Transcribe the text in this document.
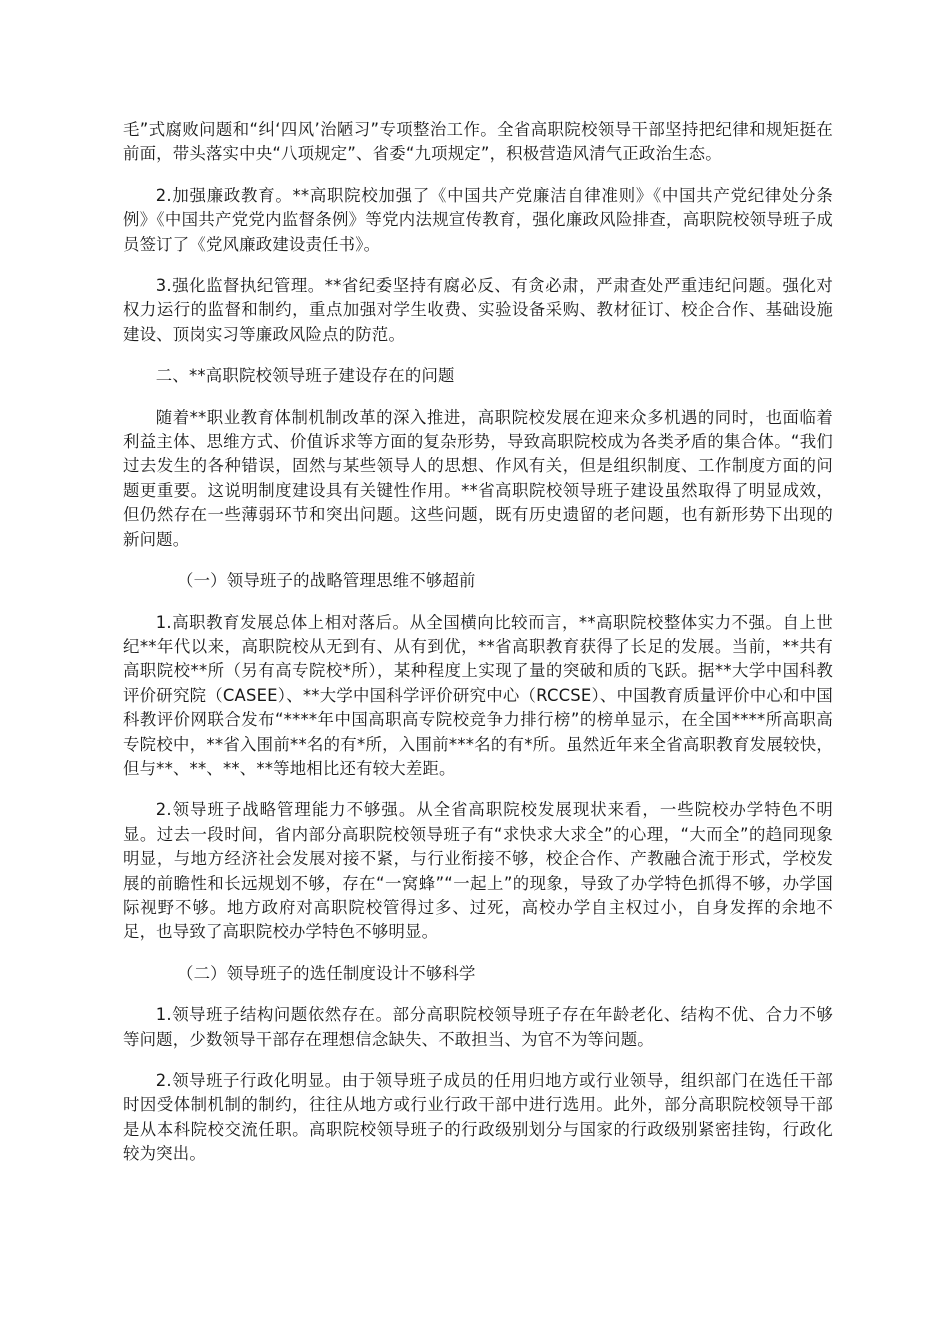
毛”式腐败问题和“纠‘四风’治陋习”专项整治工作。全省高职院校领导干部坚持把纪律和规矩挺在前面，带头落实中央“八项规定”、省委“九项规定”，积极营造风清气正政治生态。

2.加强廉政教育。**高职院校加强了《中国共产党廉洁自律准则》《中国共产党纪律处分条例》《中国共产党党内监督条例》等党内法规宣传教育，强化廉政风险排查，高职院校领导班子成员签订了《党风廉政建设责任书》。

3.强化监督执纪管理。**省纪委坚持有腐必反、有贪必肃，严肃查处严重违纪问题。强化对权力运行的监督和制约，重点加强对学生收费、实验设备采购、教材征订、校企合作、基础设施建设、顶岗实习等廉政风险点的防范。

二、**高职院校领导班子建设存在的问题

随着**职业教育体制机制改革的深入推进，高职院校发展在迎来众多机遇的同时，也面临着利益主体、思维方式、价值诉求等方面的复杂形势，导致高职院校成为各类矛盾的集合体。“我们过去发生的各种错误，固然与某些领导人的思想、作风有关，但是组织制度、工作制度方面的问题更重要。这说明制度建设具有关键性作用。**省高职院校领导班子建设虽然取得了明显成效，但仍然存在一些薄弱环节和突出问题。这些问题，既有历史遗留的老问题，也有新形势下出现的新问题。

（一）领导班子的战略管理思维不够超前

1.高职教育发展总体上相对落后。从全国横向比较而言，**高职院校整体实力不强。自上世纪**年代以来，高职院校从无到有、从有到优，**省高职教育获得了长足的发展。当前，**共有高职院校**所（另有高专院校*所），某种程度上实现了量的突破和质的飞跃。据**大学中国科教评价研究院（CASEE）、**大学中国科学评价研究中心（RCCSE）、中国教育质量评价中心和中国科教评价网联合发布“****年中国高职高专院校竞争力排行榜”的榜单显示，在全国****所高职高专院校中，**省入围前**名的有*所，入围前***名的有*所。虽然近年来全省高职教育发展较快，但与**、**、**、**等地相比还有较大差距。

2.领导班子战略管理能力不够强。从全省高职院校发展现状来看，一些院校办学特色不明显。过去一段时间，省内部分高职院校领导班子有“求快求大求全”的心理，“大而全”的趋同现象明显，与地方经济社会发展对接不紧，与行业衔接不够，校企合作、产教融合流于形式，学校发展的前瞻性和长远规划不够，存在“一窝蜂”“一起上”的现象，导致了办学特色抓得不够，办学国际视野不够。地方政府对高职院校管得过多、过死，高校办学自主权过小，自身发挥的余地不足，也导致了高职院校办学特色不够明显。

（二）领导班子的选任制度设计不够科学

1.领导班子结构问题依然存在。部分高职院校领导班子存在年龄老化、结构不优、合力不够等问题，少数领导干部存在理想信念缺失、不敢担当、为官不为等问题。

2.领导班子行政化明显。由于领导班子成员的任用归地方或行业领导，组织部门在选任干部时因受体制机制的制约，往往从地方或行业行政干部中进行选用。此外，部分高职院校领导干部是从本科院校交流任职。高职院校领导班子的行政级别划分与国家的行政级别紧密挂钩，行政化较为突出。
